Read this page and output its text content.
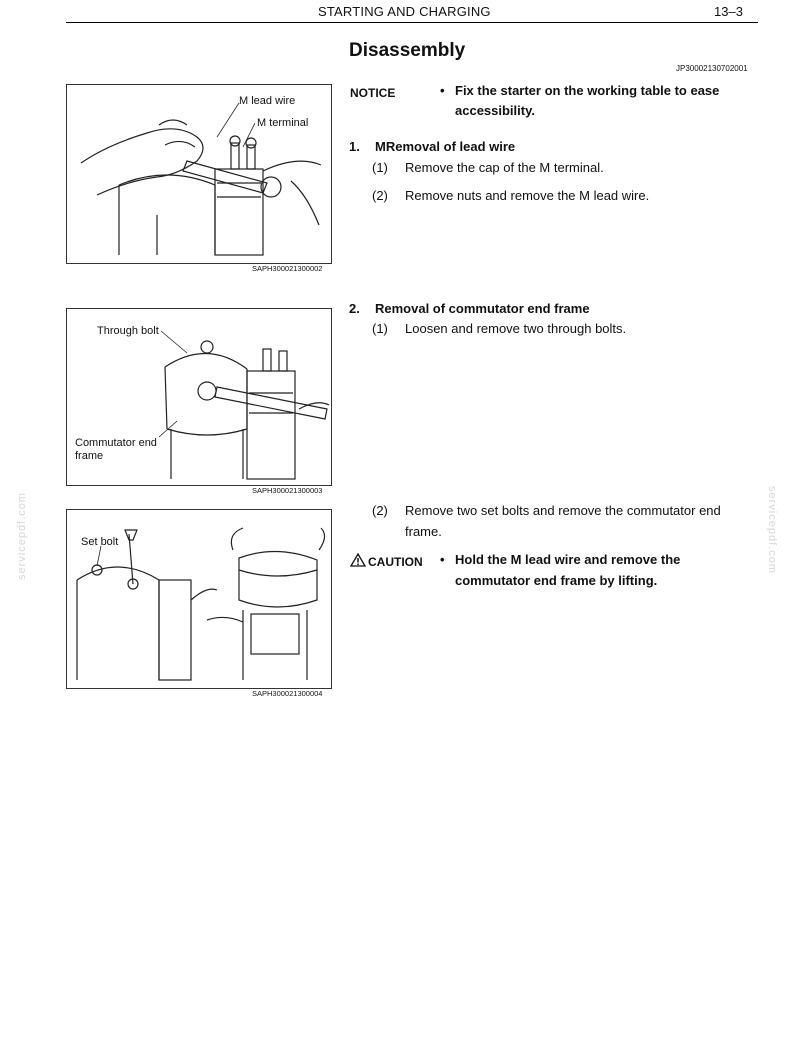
STARTING AND CHARGING	13–3
Disassembly
JP30002130702001
M lead wire
M terminal
SAPH300021300002
Through bolt
Commutator end
frame
SAPH300021300003
Set bolt
SAPH300021300004
NOTICE	• Fix the starter on the working table to ease
accessibility.
1. MRemoval of lead wire
(1) Remove the cap of the M terminal.
(2) Remove nuts and remove the M lead wire.
2. Removal of commutator end frame
(1) Loosen and remove two through bolts.
(2) Remove two set bolts and remove the commutator end
frame.
CAUTION • Hold the M lead wire and remove the
commutator end frame by lifting.
servicepdf.com	servicepdf.com
